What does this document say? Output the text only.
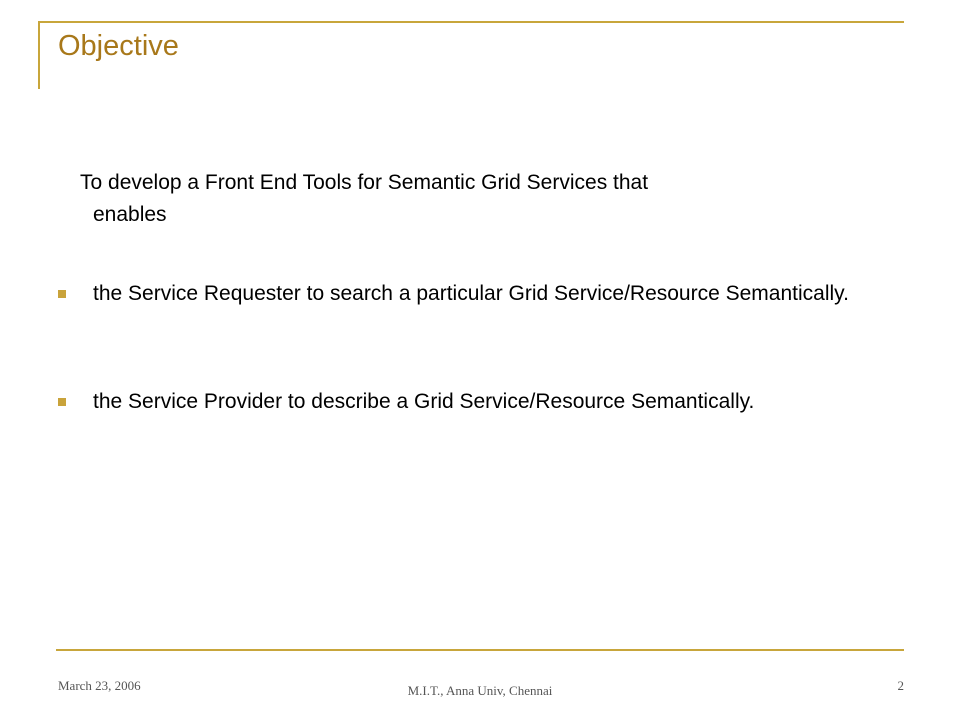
Objective
To develop a Front End Tools for Semantic Grid Services that
enables
the Service Requester to search a particular Grid Service/Resource Semantically.
the Service Provider to describe a Grid Service/Resource Semantically.
March 23, 2006	M.I.T., Anna Univ, Chennai	2
